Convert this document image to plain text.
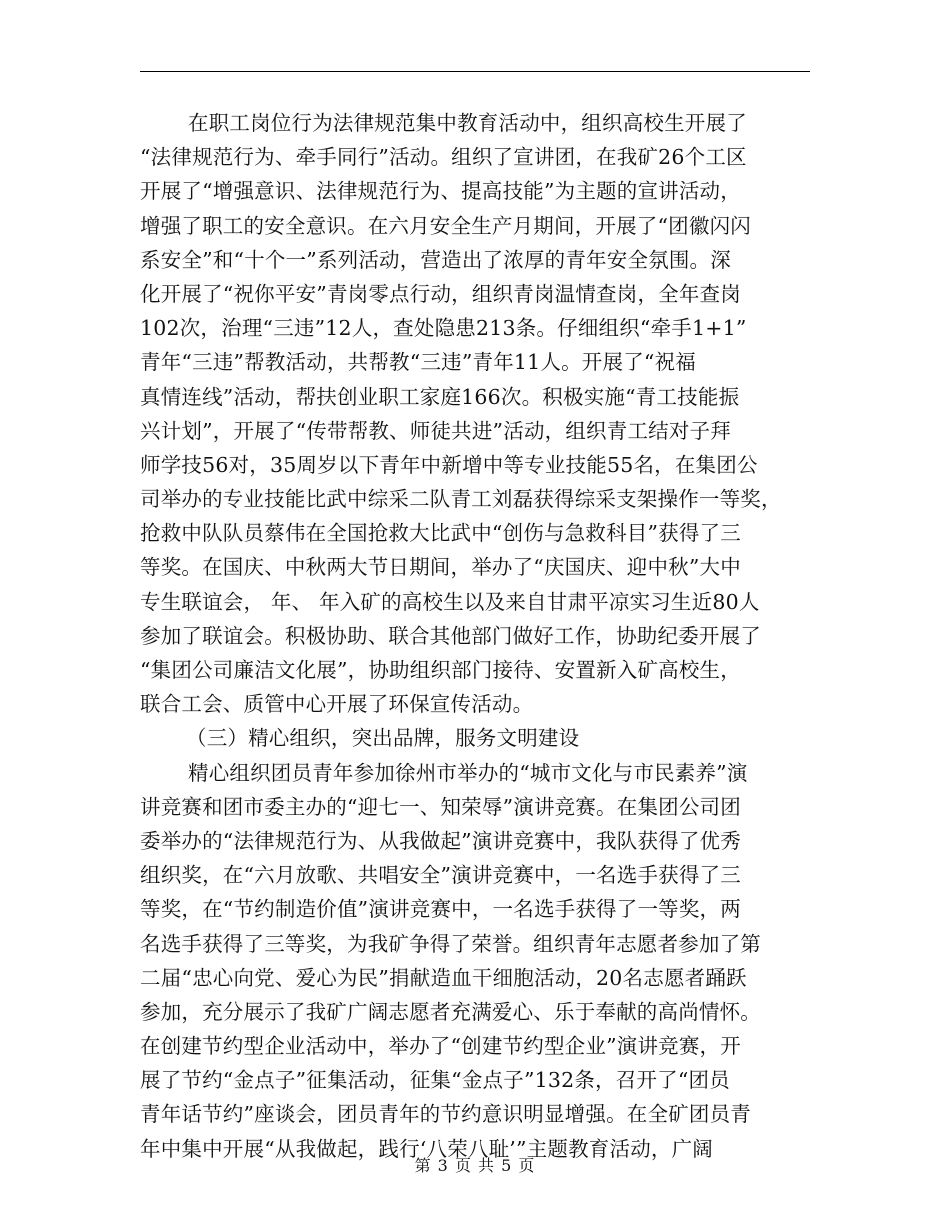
在职工岗位行为法律规范集中教育活动中，组织高校生开展了
“法律规范行为、牵手同行”活动。组织了宣讲团，在我矿26个工区
开展了“增强意识、法律规范行为、提高技能”为主题的宣讲活动，
增强了职工的安全意识。在六月安全生产月期间，开展了“团徽闪闪
系安全”和“十个一”系列活动，营造出了浓厚的青年安全氛围。深
化开展了“祝你平安”青岗零点行动，组织青岗温情查岗，全年查岗
102次，治理“三违”12人，查处隐患213条。仔细组织“牵手1+1”
青年“三违”帮教活动，共帮教“三违”青年11人。开展了“祝福
真情连线”活动，帮扶创业职工家庭166次。积极实施“青工技能振
兴计划”，开展了“传带帮教、师徒共进”活动，组织青工结对子拜
师学技56对，35周岁以下青年中新增中等专业技能55名，在集团公
司举办的专业技能比武中综采二队青工刘磊获得综采支架操作一等奖，
抢救中队队员蔡伟在全国抢救大比武中“创伤与急救科目”获得了三
等奖。在国庆、中秋两大节日期间，举办了“庆国庆、迎中秋”大中
专生联谊会， 年、 年入矿的高校生以及来自甘肃平凉实习生近80人
参加了联谊会。积极协助、联合其他部门做好工作，协助纪委开展了
“集团公司廉洁文化展”，协助组织部门接待、安置新入矿高校生，
联合工会、质管中心开展了环保宣传活动。
（三）精心组织，突出品牌，服务文明建设
精心组织团员青年参加徐州市举办的“城市文化与市民素养”演
讲竞赛和团市委主办的“迎七一、知荣辱”演讲竞赛。在集团公司团
委举办的“法律规范行为、从我做起”演讲竞赛中，我队获得了优秀
组织奖，在“六月放歌、共唱安全”演讲竞赛中，一名选手获得了三
等奖，在“节约制造价值”演讲竞赛中，一名选手获得了一等奖，两
名选手获得了三等奖，为我矿争得了荣誉。组织青年志愿者参加了第
二届“忠心向党、爱心为民”捐献造血干细胞活动，20名志愿者踊跃
参加，充分展示了我矿广阔志愿者充满爱心、乐于奉献的高尚情怀。
在创建节约型企业活动中，举办了“创建节约型企业”演讲竞赛，开
展了节约“金点子”征集活动，征集“金点子”132条，召开了“团员
青年话节约”座谈会，团员青年的节约意识明显增强。在全矿团员青
年中集中开展“从我做起，践行‘八荣八耻’”主题教育活动，广阔
第 3 页 共 5 页
